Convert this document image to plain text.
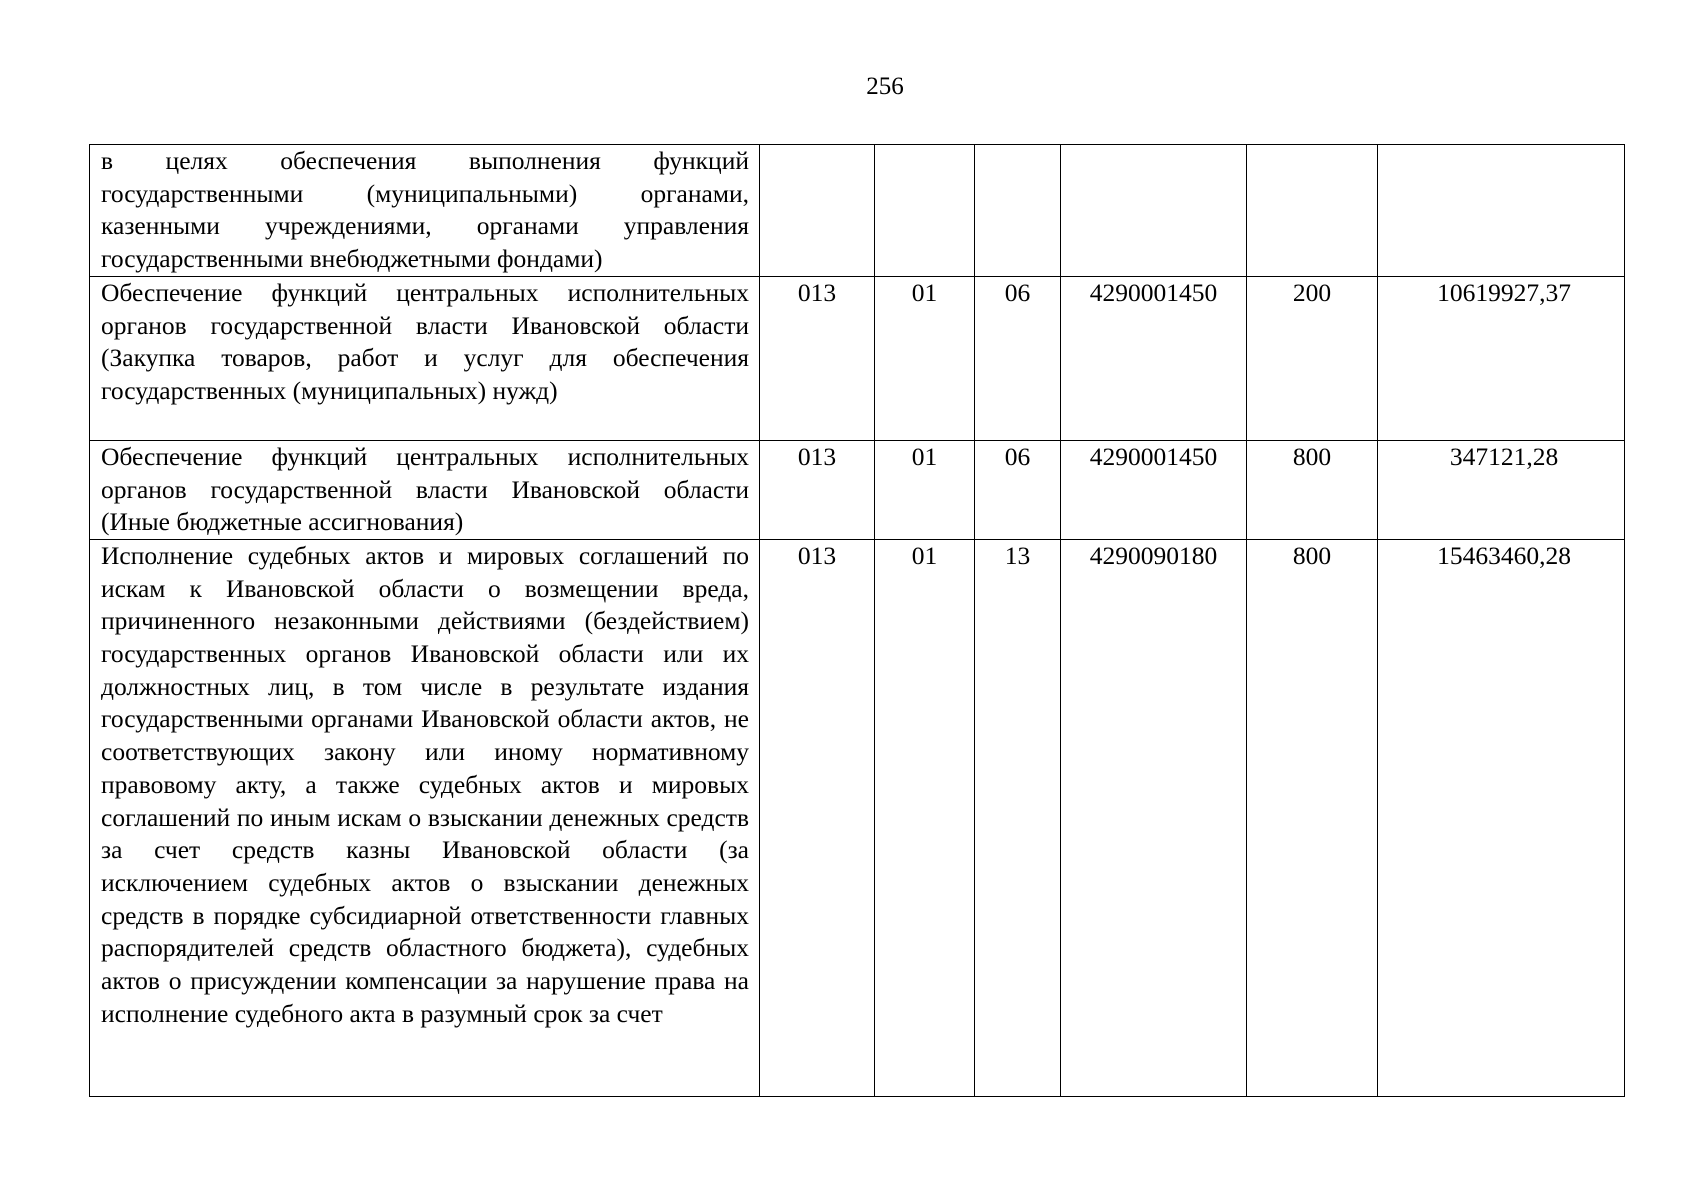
256
в целях обеспечения выполнения функций государственными (муниципальными) органами, казенными учреждениями, органами управления государственными внебюджетными фондами)						

Обеспечение функций центральных исполнительных органов государственной власти Ивановской области (Закупка товаров, работ и услуг для обеспечения государственных (муниципальных) нужд)	013	01	06	4290001450	200	10619927,37

Обеспечение функций центральных исполнительных органов государственной власти Ивановской области (Иные бюджетные ассигнования)	013	01	06	4290001450	800	347121,28

Исполнение судебных актов и мировых соглашений по искам к Ивановской области о возмещении вреда, причиненного незаконными действиями (бездействием) государственных органов Ивановской области или их должностных лиц, в том числе в результате издания государственными органами Ивановской области актов, не соответствующих закону или иному нормативному правовому акту, а также судебных актов и мировых соглашений по иным искам о взыскании денежных средств за счет средств казны Ивановской области (за исключением судебных актов о взыскании денежных средств в порядке субсидиарной ответственности главных распорядителей средств областного бюджета), судебных актов о присуждении компенсации за нарушение права на исполнение судебного акта в разумный срок за счет	013	01	13	4290090180	800	15463460,28
